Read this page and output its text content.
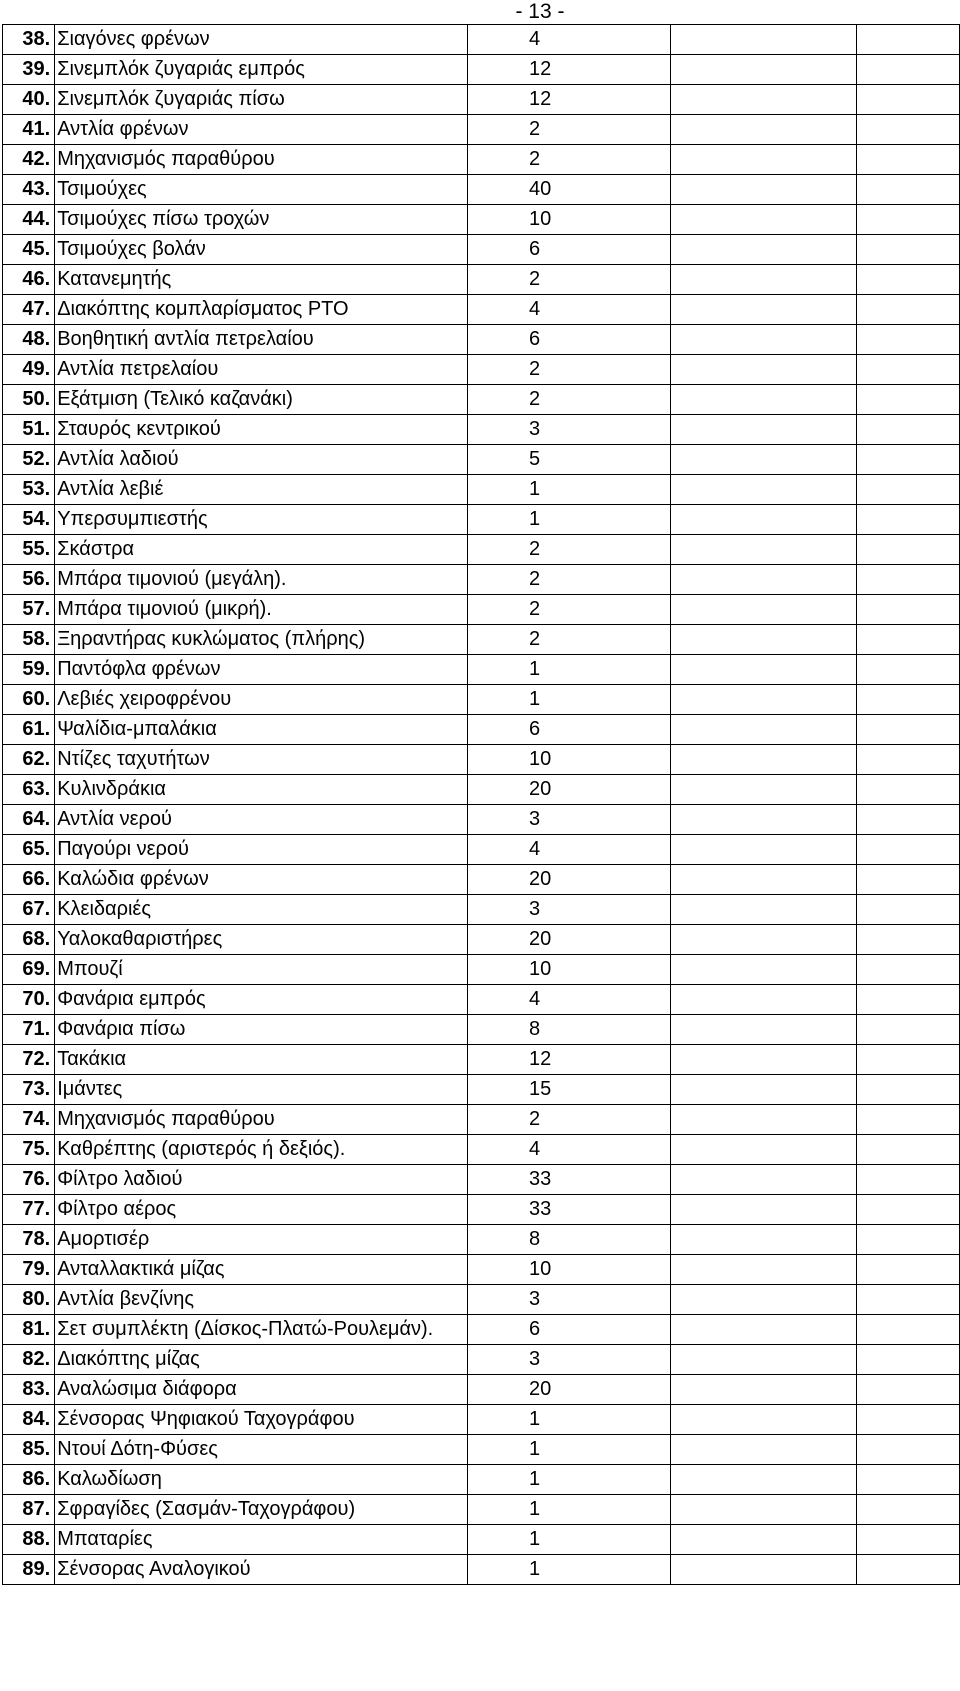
- 13 -
38.	Σιαγόνες φρένων	4		
39.	Σινεμπλόκ ζυγαριάς εμπρός	12		
40.	Σινεμπλόκ ζυγαριάς πίσω	12		
41.	Αντλία φρένων	2		
42.	Μηχανισμός παραθύρου	2		
43.	Τσιμούχες	40		
44.	Τσιμούχες πίσω τροχών	10		
45.	Τσιμούχες βολάν	6		
46.	Κατανεμητής	2		
47.	Διακόπτης κομπλαρίσματος PTO	4		
48.	Βοηθητική αντλία πετρελαίου	6		
49.	Αντλία πετρελαίου	2		
50.	Εξάτμιση (Τελικό καζανάκι)	2		
51.	Σταυρός κεντρικού	3		
52.	Αντλία λαδιού	5		
53.	Αντλία λεβιέ	1		
54.	Υπερσυμπιεστής	1		
55.	Σκάστρα	2		
56.	Μπάρα τιμονιού (μεγάλη).	2		
57.	Μπάρα τιμονιού (μικρή).	2		
58.	Ξηραντήρας κυκλώματος (πλήρης)	2		
59.	Παντόφλα φρένων	1		
60.	Λεβιές χειροφρένου	1		
61.	Ψαλίδια-μπαλάκια	6		
62.	Ντίζες ταχυτήτων	10		
63.	Κυλινδράκια	20		
64.	Αντλία νερού	3		
65.	Παγούρι νερού	4		
66.	Καλώδια φρένων	20		
67.	Κλειδαριές	3		
68.	Υαλοκαθαριστήρες	20		
69.	Μπουζί	10		
70.	Φανάρια εμπρός	4		
71.	Φανάρια πίσω	8		
72.	Τακάκια	12		
73.	Ιμάντες	15		
74.	Μηχανισμός παραθύρου	2		
75.	Καθρέπτης (αριστερός ή δεξιός).	4		
76.	Φίλτρο λαδιού	33		
77.	Φίλτρο αέρος	33		
78.	Αμορτισέρ	8		
79.	Ανταλλακτικά μίζας	10		
80.	Αντλία βενζίνης	3		
81.	Σετ συμπλέκτη (Δίσκος-Πλατώ-Ρουλεμάν).	6		
82.	Διακόπτης μίζας	3		
83.	Αναλώσιμα διάφορα	20		
84.	Σένσορας Ψηφιακού Ταχογράφου	1		
85.	Ντουί Δότη-Φύσες	1		
86.	Καλωδίωση	1		
87.	Σφραγίδες (Σασμάν-Ταχογράφου)	1		
88.	Μπαταρίες	1		
89.	Σένσορας Αναλογικού	1		
